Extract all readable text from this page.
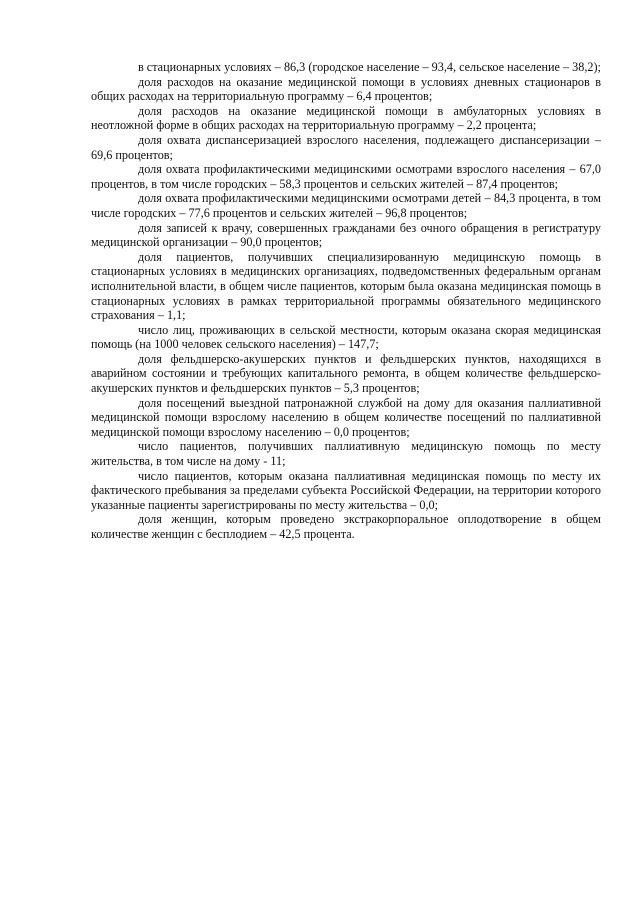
в стационарных условиях – 86,3 (городское население – 93,4, сельское население – 38,2);

доля расходов на оказание медицинской помощи в условиях дневных стационаров в общих расходах на территориальную программу – 6,4 процентов;

доля расходов на оказание медицинской помощи в амбулаторных условиях в неотложной форме в общих расходах на территориальную программу – 2,2 процента;

доля охвата диспансеризацией взрослого населения, подлежащего диспансеризации – 69,6 процентов;

доля охвата профилактическими медицинскими осмотрами взрослого населения – 67,0 процентов, в том числе городских – 58,3 процентов и сельских жителей – 87,4 процентов;

доля охвата профилактическими медицинскими осмотрами детей – 84,3 процента, в том числе городских – 77,6 процентов и сельских жителей – 96,8 процентов;

доля записей к врачу, совершенных гражданами без очного обращения в регистратуру медицинской организации – 90,0 процентов;

доля пациентов, получивших специализированную медицинскую помощь в стационарных условиях в медицинских организациях, подведомственных федеральным органам исполнительной власти, в общем числе пациентов, которым была оказана медицинская помощь в стационарных условиях в рамках территориальной программы обязательного медицинского страхования – 1,1;

число лиц, проживающих в сельской местности, которым оказана скорая медицинская помощь (на 1000 человек сельского населения) – 147,7;

доля фельдшерско-акушерских пунктов и фельдшерских пунктов, находящихся в аварийном состоянии и требующих капитального ремонта, в общем количестве фельдшерско-акушерских пунктов и фельдшерских пунктов – 5,3 процентов;

доля посещений выездной патронажной службой на дому для оказания паллиативной медицинской помощи взрослому населению в общем количестве посещений по паллиативной медицинской помощи взрослому населению – 0,0 процентов;

число пациентов, получивших паллиативную медицинскую помощь по месту жительства, в том числе на дому - 11;

число пациентов, которым оказана паллиативная медицинская помощь по месту их фактического пребывания за пределами субъекта Российской Федерации, на территории которого указанные пациенты зарегистрированы по месту жительства – 0,0;

доля женщин, которым проведено экстракорпоральное оплодотворение в общем количестве женщин с бесплодием – 42,5 процента.
